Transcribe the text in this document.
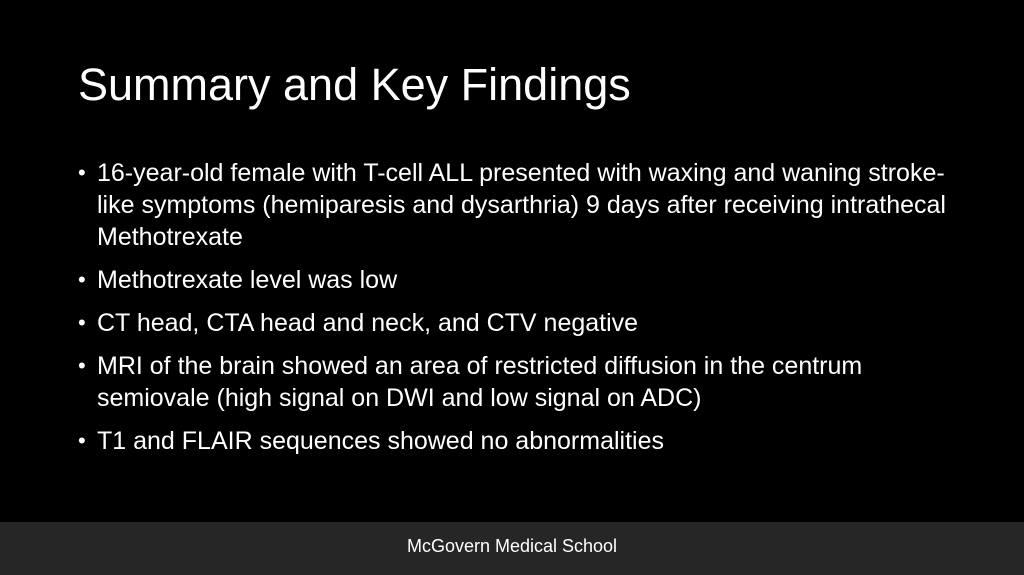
Summary and Key Findings
• 16-year-old female with T-cell ALL presented with waxing and waning stroke-like symptoms (hemiparesis and dysarthria) 9 days after receiving intrathecal Methotrexate
• Methotrexate level was low
• CT head, CTA head and neck, and CTV negative
• MRI of the brain showed an area of restricted diffusion in the centrum semiovale (high signal on DWI and low signal on ADC)
• T1 and FLAIR sequences showed no abnormalities
McGovern Medical School
